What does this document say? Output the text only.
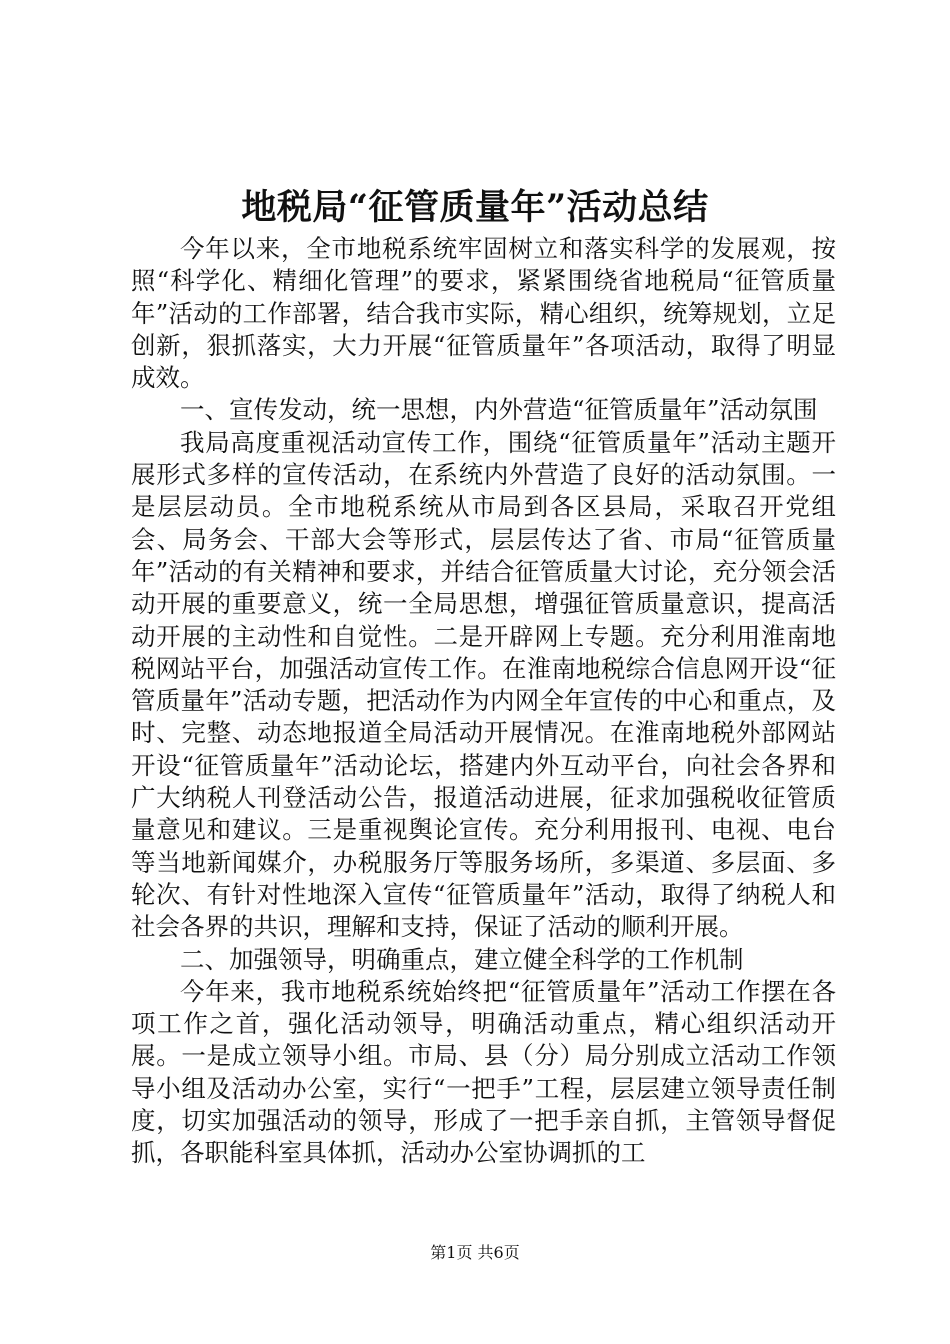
地税局“征管质量年”活动总结

今年以来，全市地税系统牢固树立和落实科学的发展观，按照“科学化、精细化管理”的要求，紧紧围绕省地税局“征管质量年”活动的工作部署，结合我市实际，精心组织，统筹规划，立足创新，狠抓落实，大力开展“征管质量年”各项活动，取得了明显成效。

一、宣传发动，统一思想，内外营造“征管质量年”活动氛围

我局高度重视活动宣传工作，围绕“征管质量年”活动主题开展形式多样的宣传活动，在系统内外营造了良好的活动氛围。一是层层动员。全市地税系统从市局到各区县局，采取召开党组会、局务会、干部大会等形式，层层传达了省、市局“征管质量年”活动的有关精神和要求，并结合征管质量大讨论，充分领会活动开展的重要意义，统一全局思想，增强征管质量意识，提高活动开展的主动性和自觉性。二是开辟网上专题。充分利用淮南地税网站平台，加强活动宣传工作。在淮南地税综合信息网开设“征管质量年”活动专题，把活动作为内网全年宣传的中心和重点，及时、完整、动态地报道全局活动开展情况。在淮南地税外部网站开设“征管质量年”活动论坛，搭建内外互动平台，向社会各界和广大纳税人刊登活动公告，报道活动进展，征求加强税收征管质量意见和建议。三是重视舆论宣传。充分利用报刊、电视、电台等当地新闻媒介，办税服务厅等服务场所，多渠道、多层面、多轮次、有针对性地深入宣传“征管质量年”活动，取得了纳税人和社会各界的共识，理解和支持，保证了活动的顺利开展。

二、加强领导，明确重点，建立健全科学的工作机制

今年来，我市地税系统始终把“征管质量年”活动工作摆在各项工作之首，强化活动领导，明确活动重点，精心组织活动开展。一是成立领导小组。市局、县（分）局分别成立活动工作领导小组及活动办公室，实行“一把手”工程，层层建立领导责任制度，切实加强活动的领导，形成了一把手亲自抓，主管领导督促抓，各职能科室具体抓，活动办公室协调抓的工

第1页 共6页
